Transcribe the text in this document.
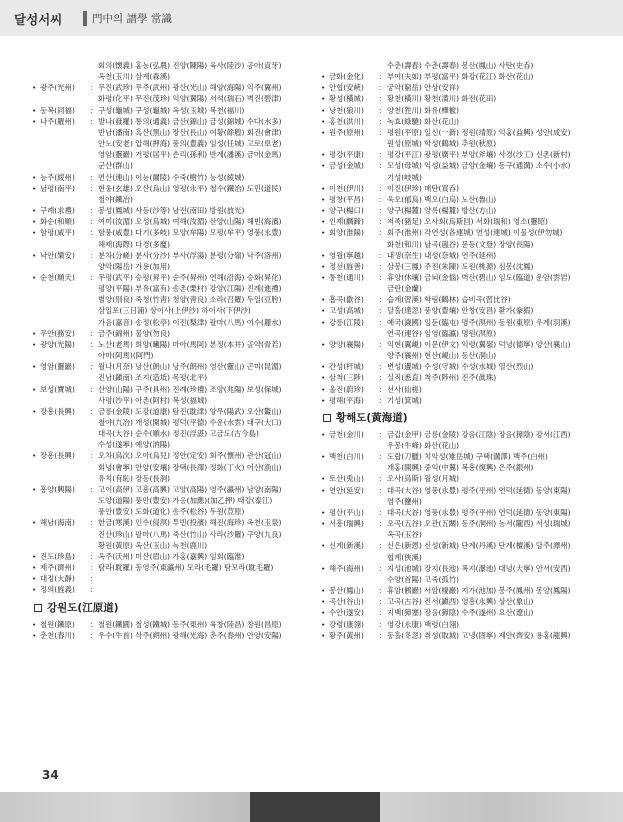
달성서씨	門中의 譜學 常識
회의(懷義) 홍농(弘農) 진양(陳陽) 육사(陸沙) 공아(貢牙)
옥천(玉川) 삼계(森溪)
• 광주(光州)	: 무진(武珍) 무주(武州) 광산(光山) 해양(海陽) 익주(翼州)
화평(化平) 무진(茂珍) 익양(翼陽) 서석(瑞石) 벽진(碧津)
• 동복(同福)	: 구성(龜城) 구성(龜城) 옥성(玉城) 복천(福川)
• 나주(羅州)	: 발나(發羅) 통의(通義) 금산(錦山) 금성(錦城) 수다(水多)
반남(潘南) 흑산(黑山) 장산(長山) 여황(餘艎) 회진(會津)
안노(安老) 압해(押海) 풍의(豊義) 임성(任城) 고로(阜老)
영암(靈巖) 거평(居平) 손리(孫利) 반계(潘溪) 금마(金馬)
군산(群山)
• 능주(綾州)	: 연산(連山) 이능(爾陵) 수죽(樹竹) 능성(綾城)
• 남평(南平)	: 현웅(玄雄) 오산(烏山) 영평(永平) 철수(鐵冶) 도민(道民)
철야(鐵冶)
• 구례(求禮)	: 봉성(鳳城) 사등(沙等) 남전(南田) 방원(放光)
• 화순(和順)	: 여미(汝湄) 오성(烏城) 여해(汝湄) 산양(山陽) 해빈(海濱)
• 함평(咸平)	: 함풍(咸豊) 다기(多岐) 모양(牟陽) 모평(牟平) 영풍(永豊)
해제(海際) 다경(多慶)
• 낙안(樂安)	: 분차(分嵯) 분사(分沙) 부사(浮湯) 분령(分嶺) 낙주(洛州)
양악(陽岳) 가용(加用)
• 순천(順天)	: 무평(武平) 승평(昇平) 순주(昇州) 연해(沿海) 승화(昇化)
평양(平陽) 부유(富有) 송촌(栗村) 강양(江陽) 진례(進禮)
별양(別良) 죽청(竹靑) 청양(靑良) 소라(召羅) 두일(豆肹)
삼일포(三日浦) 상이사(上伊沙) 하이사(下伊沙)
가음(嘉音) 송정(松亭) 이진(梨津) 팔마(八馬) 여수(麗水)
• 무안(務安)	: 금주(錦州) 물양(勿良)
• 광양(光陽)	: 노산(老馬) 희양(曦陽) 마아(馬阿) 본정(本井) 골약(骨若)
아마(阿馬)(阿門)
• 영암(靈巖)	: 월나(月奈) 낭산(朗山) 낭주(朗州) 영산(靈山) 곤미(昆湄)
진남(鎭南) 조지(造坻) 목평(北平)
• 보성(寶城)	: 산양(山陽) 구주(具州) 진례(珍禮) 조양(兆陽) 보성(保城)
사평(沙平) 아촌(阿村) 복성(福城)
• 장흥(長興)	: 금릉(金陵) 도강(道康) 탐진(耽津) 양무(陽武) 오산(鰲山)
철야(九冶) 개성(開城) 평덕(平德) 수운(水雲) 대구(大口)
대곡(大谷) 순수(順水) 정진(浮湛) 고금도(古今島)
수성(遂寧) 예양(汭陽)
• 장흥(長興)	: 오차(烏次) 오아(烏兒) 정안(定安) 회주(懷州) 관산(冠山)
회녕(會寧) 안양(安壤) 장택(長澤) 정화(丁火) 어산(漁山)
유치(有恥) 장동(長洞)
• 흥양(興陽)	: 고이(高伊) 고흥(高興) 고양(高陽) 영주(瀛州) 남양(南陽)
도양(道陽) 풍안(豊安) 가응(加應)(加乙押) 태강(泰江)
풍안(豊安) 도화(道化) 송주(松谷) 두원(荳原)
• 해남(海南)	: 한금(寒溪) 인수(侵溟) 투빈(投濱) 해진(海珍) 옥천(玉泉)
진산(珍山) 팔마(八馬) 죽산(竹山) 사라(沙羅) 구양(九良)
황원(黃原) 옥산(玉山) 녹천(鹿川)
• 진도(珍島)	: 옥주(沃州) 미산(眉山) 가홍(嘉興) 임회(臨淮)
• 제주(濟州)	: 탐라(耽羅) 동영주(東瀛州) 모라(毛羅) 탐모라(耽毛羅)
• 대정(大靜)	:
• 정의(旌義)	:
강원도(江原道)
• 철원(鐵原)	: 철원(鐵圓) 철성(鐵城) 동주(東州) 육창(陸昌) 창원(昌原)
• 춘천(春川)	: 우수(牛首) 삭주(朔州) 광해(光海) 춘주(春州) 안양(安陽)
수춘(壽春) 수춘(壽春) 봉산(鳳山) 사탄(史呑)
• 금화(金化)	: 부여(夫如) 부평(富平) 화강(花江) 화산(花山)
• 안협(安峽)	: 궁악(窮岳) 안상(安祥)
• 황성(橫城)	: 황천(橫川) 황천(潢川) 화전(花田)
• 낭천(狼川)	: 양천(狌川) 화유(樺楡)
• 홍천(洪川)	: 녹효(綠驍) 화산(花山)
• 원주(原州)	: 평원(平原) 일신(一新) 정원(靖原) 익홍(益興) 성안(成安)
원성(原城) 학성(鶴城) 추원(秋原)
• 평강(平康)	: 평강(平江) 광평(廣平) 부양(斧壤) 사경(沙工) 신촌(新村)
• 금성(金城)	: 모성(母城) 익성(益城) 금양(金壤) 동구(通溝) 소수(小水)
기성(岐城)
• 이천(伊川)	: 이진(伊珍) 매탄(買呑)
• 평창(平昌)	: 욱오(郁烏) 백오(白烏) 노산(魯山)
• 양구(楊口)	: 양구(楊麓) 양록(楊麓) 방산(方山)
• 인제(麟蹄)	: 저족(豬足) 오사회(烏斯回) 서화(瑞和) 영소(靈昭)
• 회양(淮陽)	: 회주(淮州) 각연성(各連城) 연성(連城) 이물성(伊勿城)
화천(和川) 남곡(嵐谷) 문등(文登) 장양(長陽)
• 영월(寧越)	: 내생(奈生) 내성(奈城) 연주(延州)
• 정선(旌善)	: 삼봉(三鳳) 주진(朱陳) 도원(桃源) 심봉(沈鳳)
• 통천(通川)	: 휴양(休壤) 금뇌(金惱) 벽산(碧山) 임도(臨道) 운암(雲岩)
금란(金蘭)
• 흡곡(歙谷)	: 습계(習溪) 학림(鶴林) 습비곡(習比谷)
• 고성(高城)	: 달홀(達忽) 풍양(豊壤) 안창(安昌) 환가(豢猳)
• 강릉(江陵)	: 예국(濊國) 임둔(臨屯) 명주(溟州) 동원(東原) 우계(羽溪)
연곡(連谷) 임영(臨瀛) 명원(溟原)
• 양양(襄陽)	: 익현(翼峴) 이문(伊文) 익령(翼嶺) 덕녕(德寧) 양산(襄山)
양주(襄州) 현산(峴山) 동산(洞山)
• 간성(杆城)	: 변성(邊城) 수성(守城) 수성(水城) 열산(烈山)
• 삼척(三陟)	: 실직(悉直) 척주(陟州) 진주(眞珠)
• 울진(蔚珍)	: 선사(仙槎)
• 평해(平海)	: 기성(箕城)
황해도(黃海道)
• 금천(金川)	: 금갑(金甲) 금릉(金陵) 강음(江陰) 장음(獐陰) 강서(江西)
우봉(牛峰) 화산(花山)
• 백천(白川)	: 도랍(刀臘) 치악성(雉岳城) 구택(溝澤) 백주(白州)
개홍(開興) 중익(中翼) 복흥(復興) 은주(銀州)
• 토산(兎山)	: 오사(烏斯) 월성(月城)
• 연안(延安)	: 대곡(大谷) 영풍(永豊) 평주(平州) 연덕(延德) 동양(東陽)
염주(鹽州)
• 평산(平山)	: 대곡(大谷) 영풍(永豊) 평주(平州) 연덕(延德) 동양(東陽)
• 서흥(瑞興)	: 오곡(五谷) 오관(五關) 동주(洞州) 농서(隴西) 서성(瑞城)
옥곡(玉谷)
• 신계(新溪)	: 신은(新恩) 신성(新城) 단계(丹溪) 단계(檀溪) 담주(潭州)
협계(俠溪)
• 해주(海州)	: 지성(池城) 장지(長池) 폭지(瀑池) 대녕(大寧) 안서(安西)
수양(首陽) 고죽(孤竹)
• 봉산(鳳山)	: 휴암(鵂巖) 서암(棲巖) 지가(池加) 봉주(鳳州) 봉양(鳳陽)
• 곡산(谷山)	: 고곡(古谷) 진서(鎭西) 영흥(永興) 상산(象山)
• 수안(遂安)	: 지백(獐塞) 장음(獐陰) 수주(遂州) 요산(遼山)
• 강령(康翎)	: 영강(永康) 백령(白翎)
• 황주(黃州)	: 동홀(冬忽) 취성(取城) 고냉(固寧) 제안(齊安) 용홍(龍興)
34
